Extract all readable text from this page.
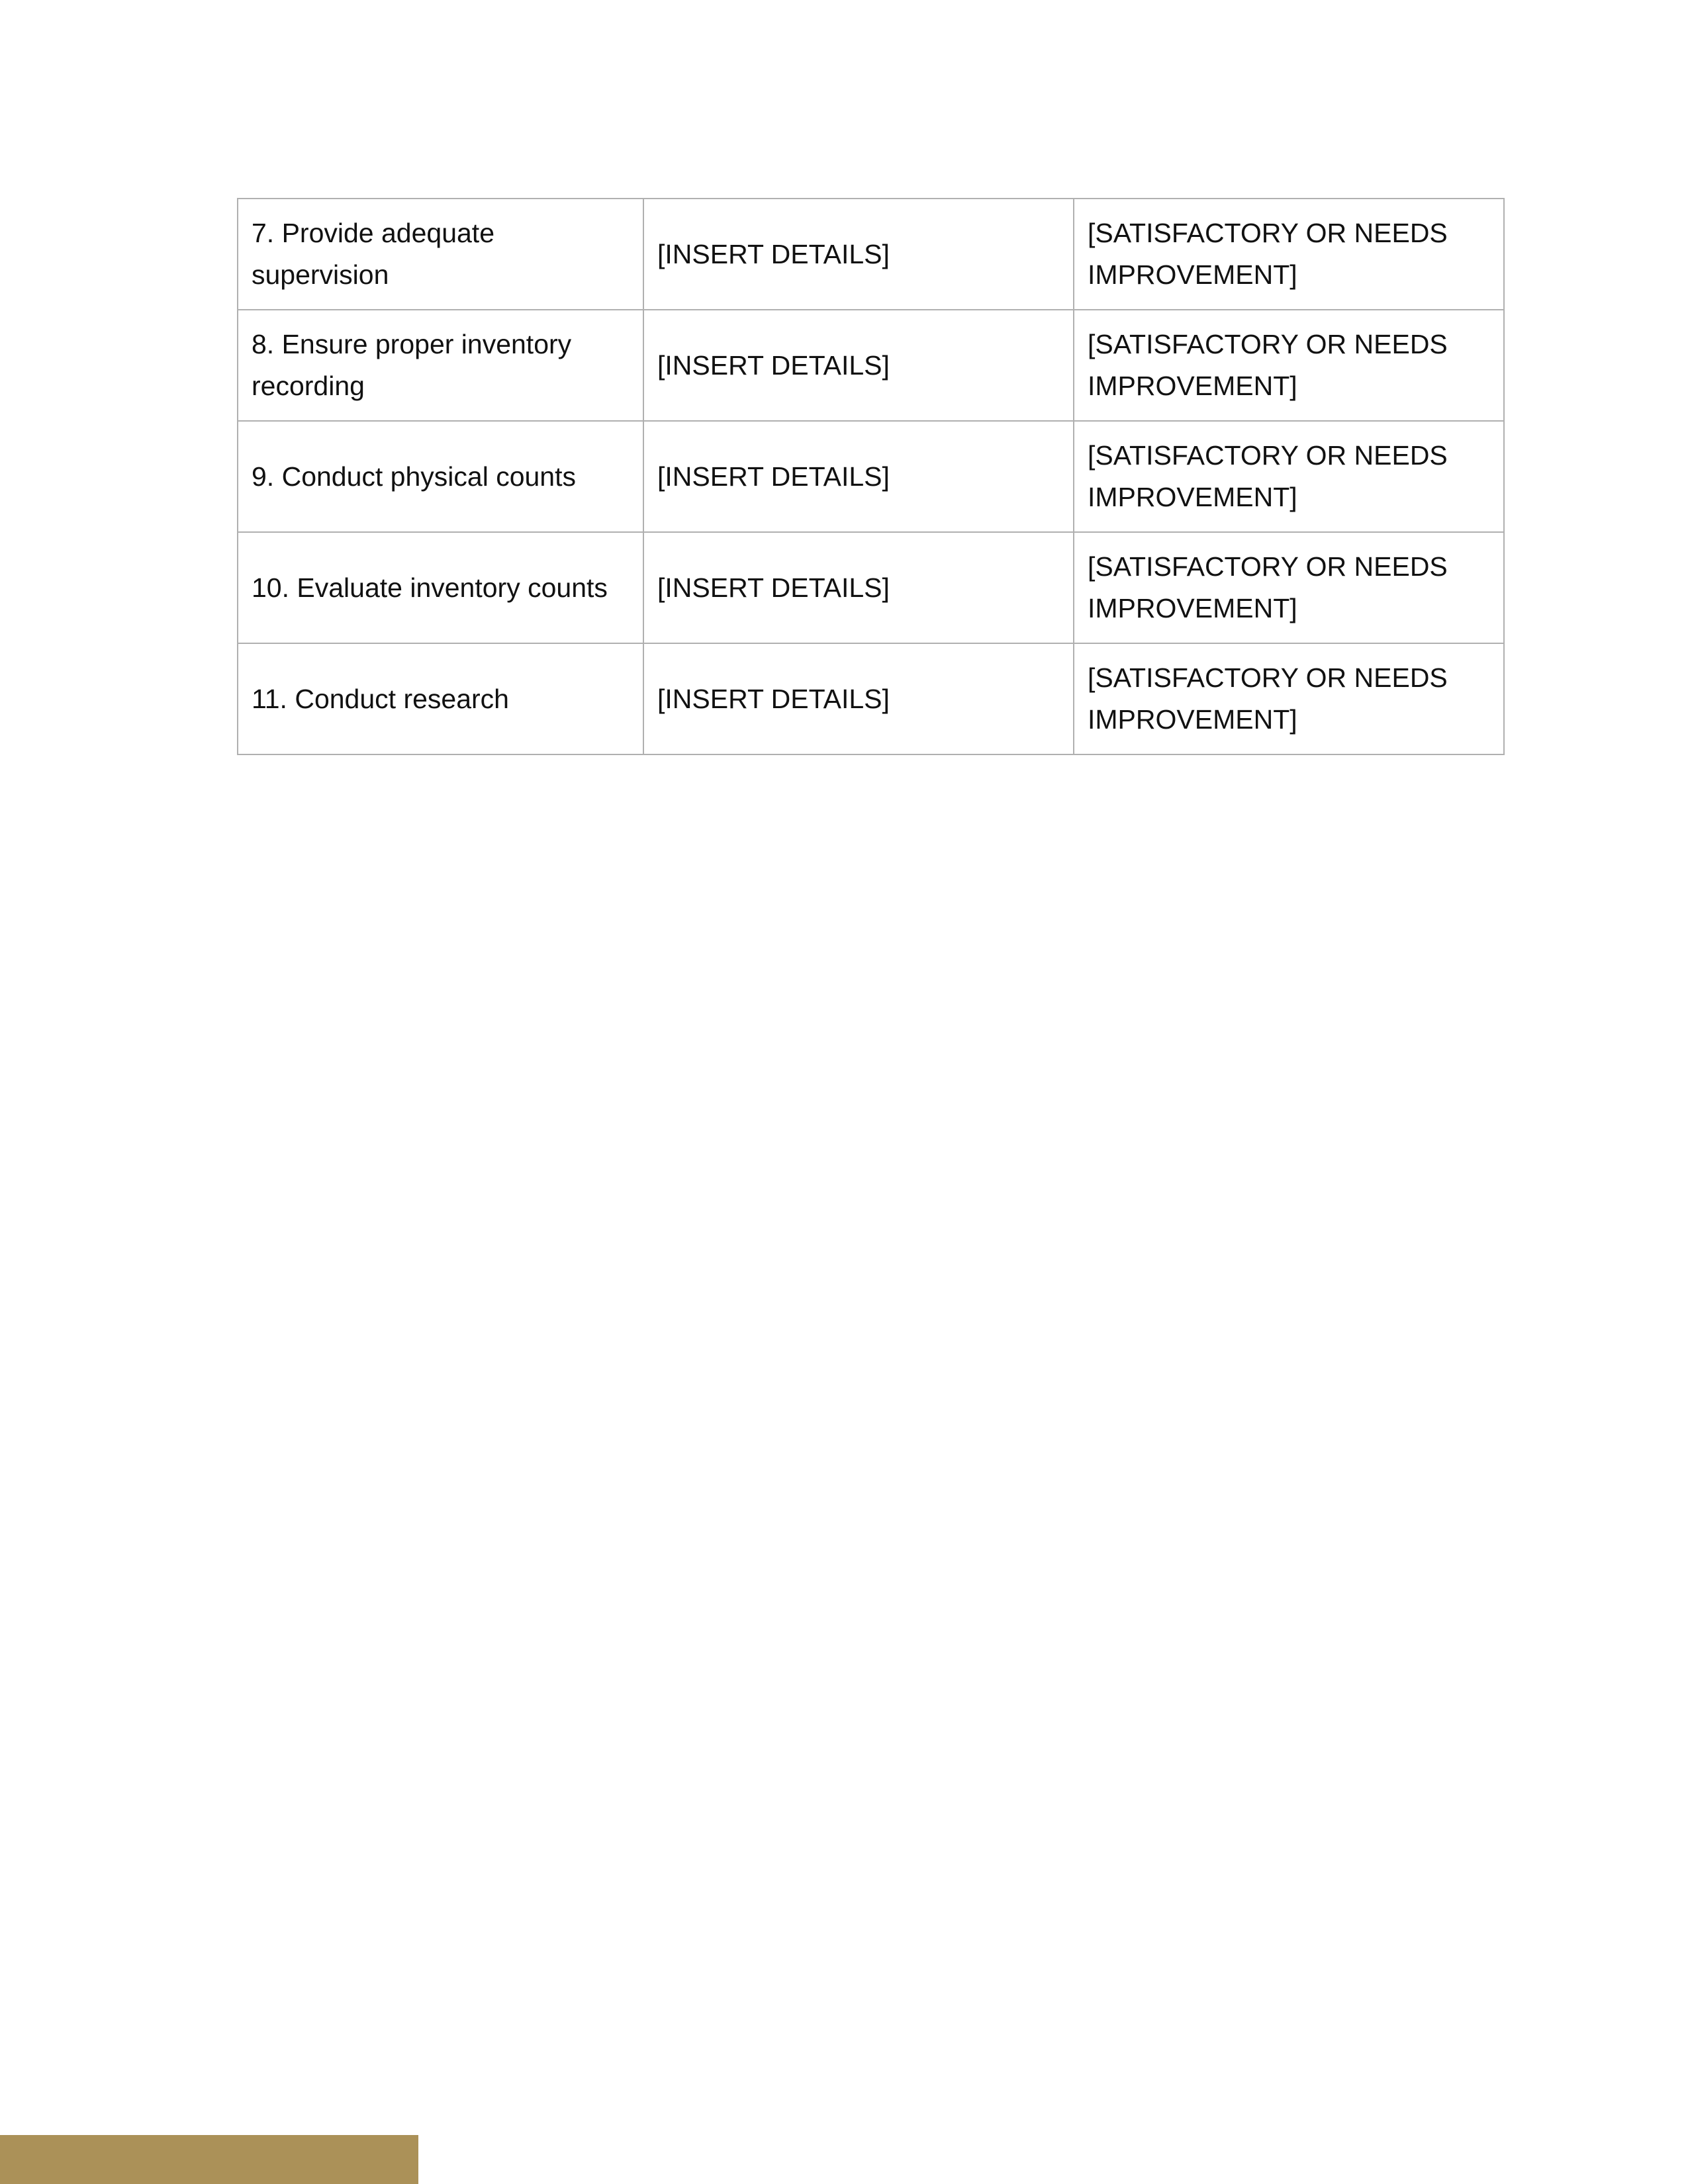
7. Provide adequate supervision	[INSERT DETAILS]	[SATISFACTORY OR NEEDS IMPROVEMENT]
8. Ensure proper inventory recording	[INSERT DETAILS]	[SATISFACTORY OR NEEDS IMPROVEMENT]
9. Conduct physical counts	[INSERT DETAILS]	[SATISFACTORY OR NEEDS IMPROVEMENT]
10. Evaluate inventory counts	[INSERT DETAILS]	[SATISFACTORY OR NEEDS IMPROVEMENT]
11. Conduct research	[INSERT DETAILS]	[SATISFACTORY OR NEEDS IMPROVEMENT]
